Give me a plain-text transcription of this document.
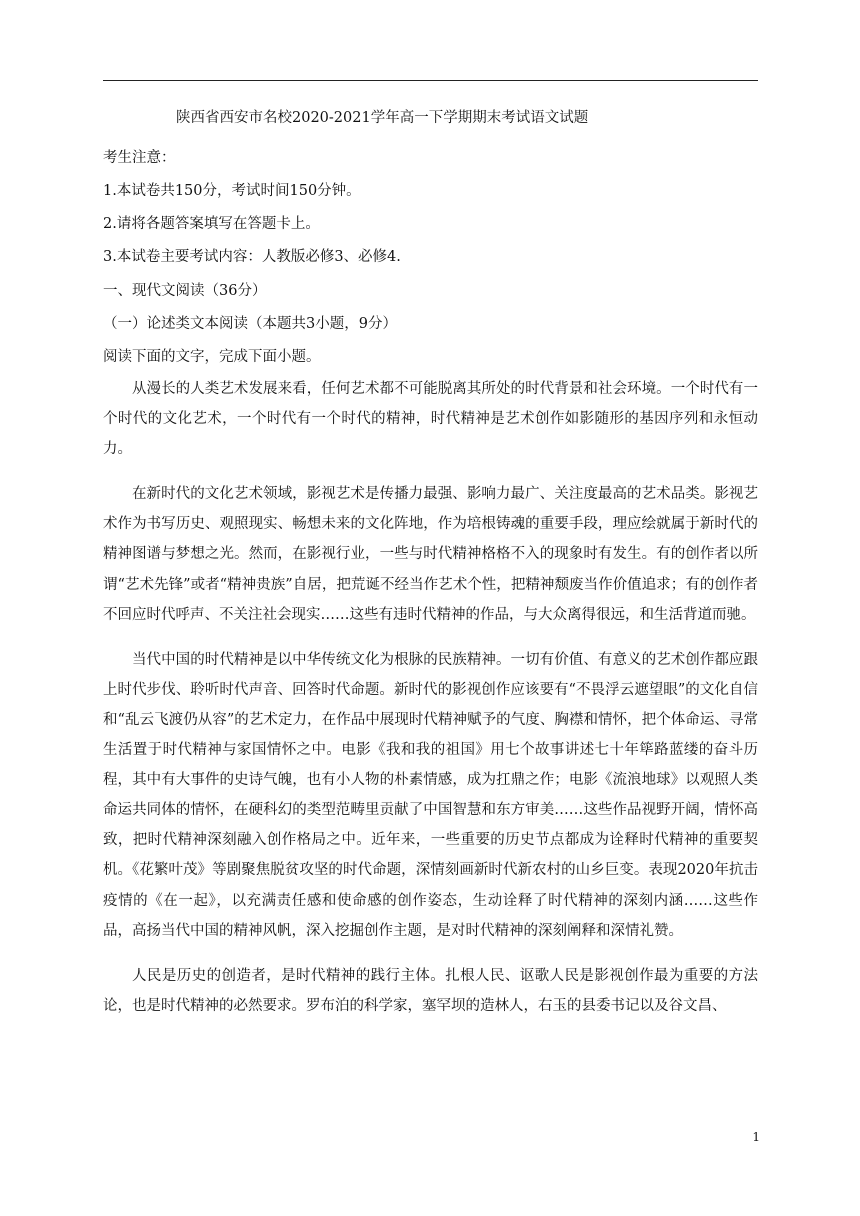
陕西省西安市名校2020-2021学年高一下学期期末考试语文试题
考生注意：
1.本试卷共150分，考试时间150分钟。
2.请将各题答案填写在答题卡上。
3.本试卷主要考试内容：人教版必修3、必修4.
一、现代文阅读（36分）
（一）论述类文本阅读（本题共3小题，9分）
阅读下面的文字，完成下面小题。

从漫长的人类艺术发展来看，任何艺术都不可能脱离其所处的时代背景和社会环境。一个时代有一个时代的文化艺术，一个时代有一个时代的精神，时代精神是艺术创作如影随形的基因序列和永恒动力。

在新时代的文化艺术领域，影视艺术是传播力最强、影响力最广、关注度最高的艺术品类。影视艺术作为书写历史、观照现实、畅想未来的文化阵地，作为培根铸魂的重要手段，理应绘就属于新时代的精神图谱与梦想之光。然而，在影视行业，一些与时代精神格格不入的现象时有发生。有的创作者以所谓“艺术先锋”或者“精神贵族”自居，把荒诞不经当作艺术个性，把精神颓废当作价值追求；有的创作者不回应时代呼声、不关注社会现实……这些有违时代精神的作品，与大众离得很远，和生活背道而驰。

当代中国的时代精神是以中华传统文化为根脉的民族精神。一切有价值、有意义的艺术创作都应跟上时代步伐、聆听时代声音、回答时代命题。新时代的影视创作应该要有“不畏浮云遮望眼”的文化自信和“乱云飞渡仍从容”的艺术定力，在作品中展现时代精神赋予的气度、胸襟和情怀，把个体命运、寻常生活置于时代精神与家国情怀之中。电影《我和我的祖国》用七个故事讲述七十年筚路蓝缕的奋斗历程，其中有大事件的史诗气魄，也有小人物的朴素情感，成为扛鼎之作；电影《流浪地球》以观照人类命运共同体的情怀，在硬科幻的类型范畴里贡献了中国智慧和东方审美……这些作品视野开阔，情怀高致，把时代精神深刻融入创作格局之中。近年来，一些重要的历史节点都成为诠释时代精神的重要契机。《花繁叶茂》等剧聚焦脱贫攻坚的时代命题，深情刻画新时代新农村的山乡巨变。表现2020年抗击疫情的《在一起》，以充满责任感和使命感的创作姿态，生动诠释了时代精神的深刻内涵……这些作品，高扬当代中国的精神风帆，深入挖掘创作主题，是对时代精神的深刻阐释和深情礼赞。

人民是历史的创造者，是时代精神的践行主体。扎根人民、讴歌人民是影视创作最为重要的方法论，也是时代精神的必然要求。罗布泊的科学家，塞罕坝的造林人，右玉的县委书记以及谷文昌、

1
